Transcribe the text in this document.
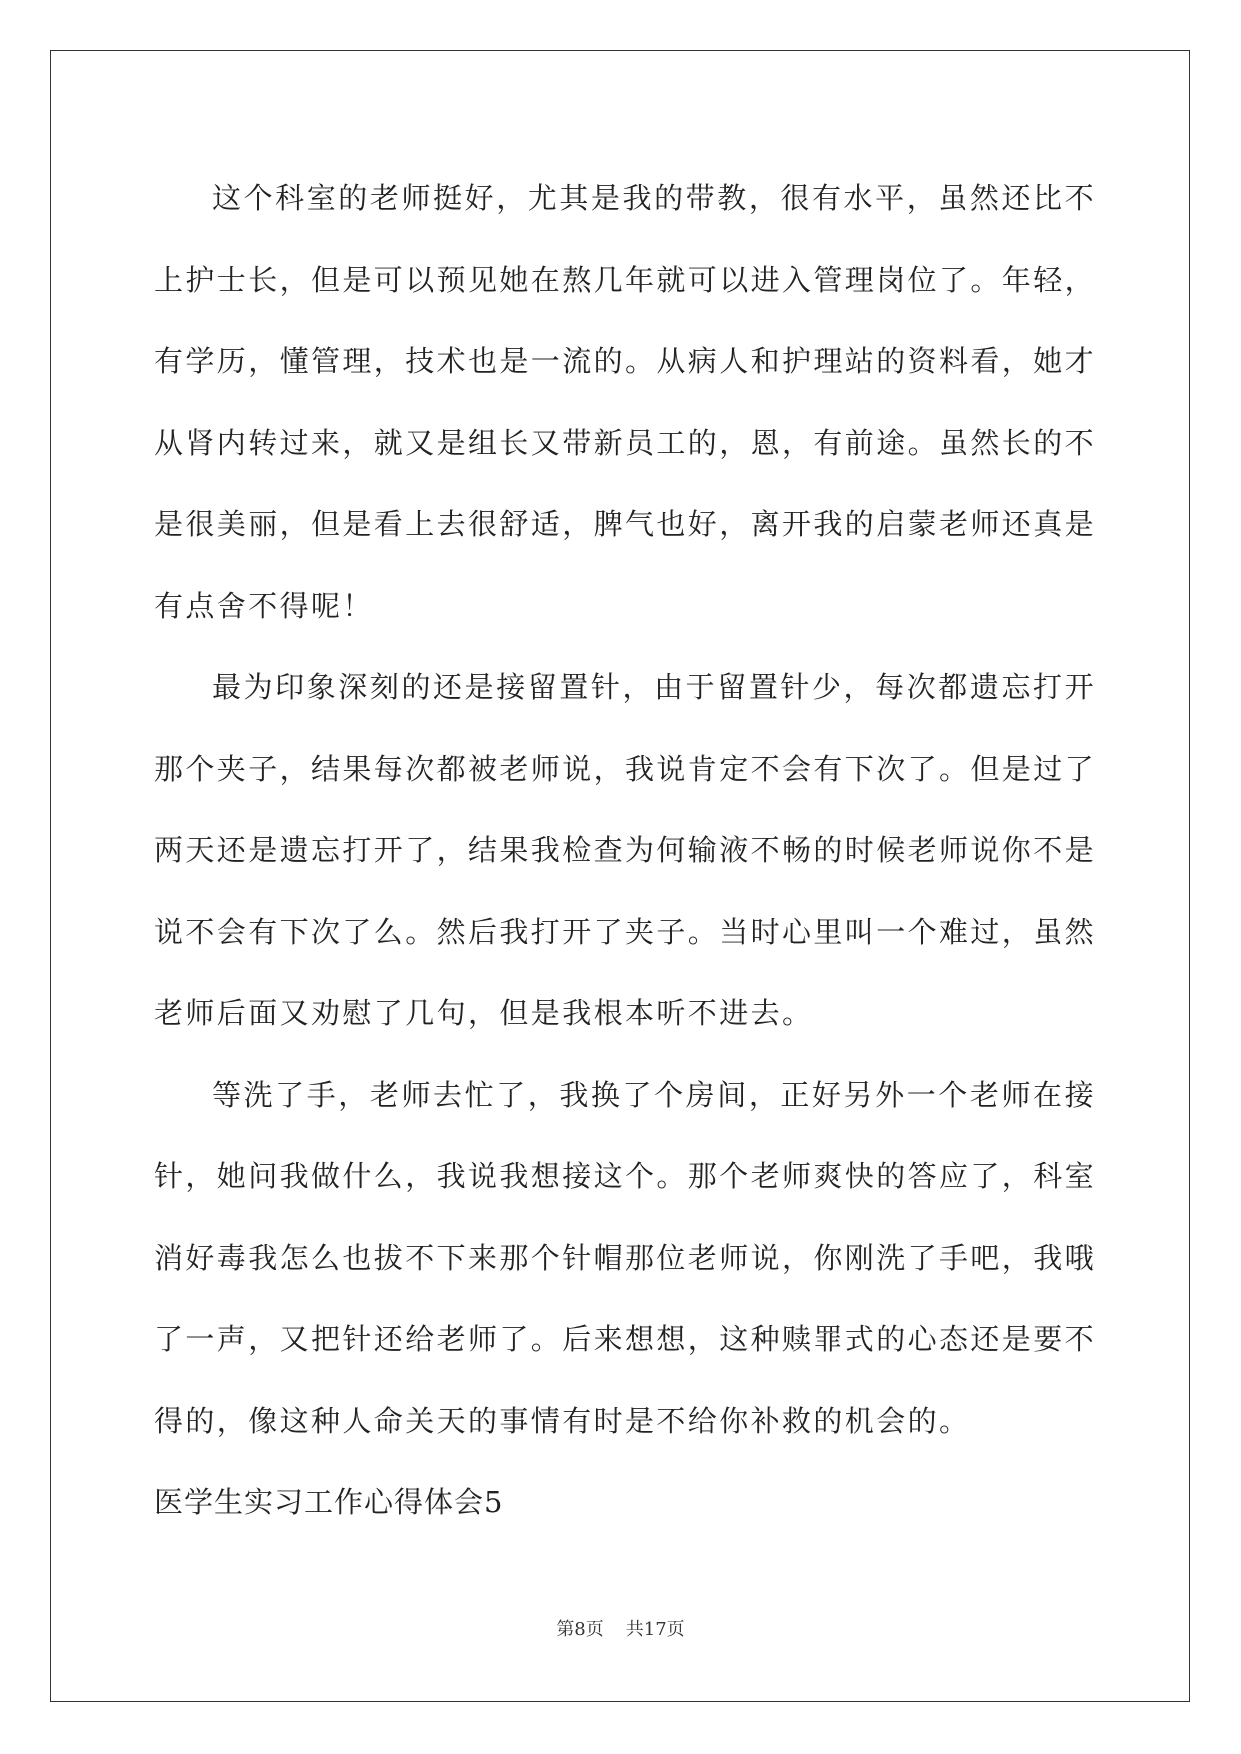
这个科室的老师挺好，尤其是我的带教，很有水平，虽然还比不上护士长，但是可以预见她在熬几年就可以进入管理岗位了。年轻，有学历，懂管理，技术也是一流的。从病人和护理站的资料看，她才从肾内转过来，就又是组长又带新员工的，恩，有前途。虽然长的不是很美丽，但是看上去很舒适，脾气也好，离开我的启蒙老师还真是有点舍不得呢！

最为印象深刻的还是接留置针，由于留置针少，每次都遗忘打开那个夹子，结果每次都被老师说，我说肯定不会有下次了。但是过了两天还是遗忘打开了，结果我检查为何输液不畅的时候老师说你不是说不会有下次了么。然后我打开了夹子。当时心里叫一个难过，虽然老师后面又劝慰了几句，但是我根本听不进去。

等洗了手，老师去忙了，我换了个房间，正好另外一个老师在接针，她问我做什么，我说我想接这个。那个老师爽快的答应了，科室消好毒我怎么也拔不下来那个针帽那位老师说，你刚洗了手吧，我哦了一声，又把针还给老师了。后来想想，这种赎罪式的心态还是要不得的，像这种人命关天的事情有时是不给你补救的机会的。

医学生实习工作心得体会5
第8页 共17页
